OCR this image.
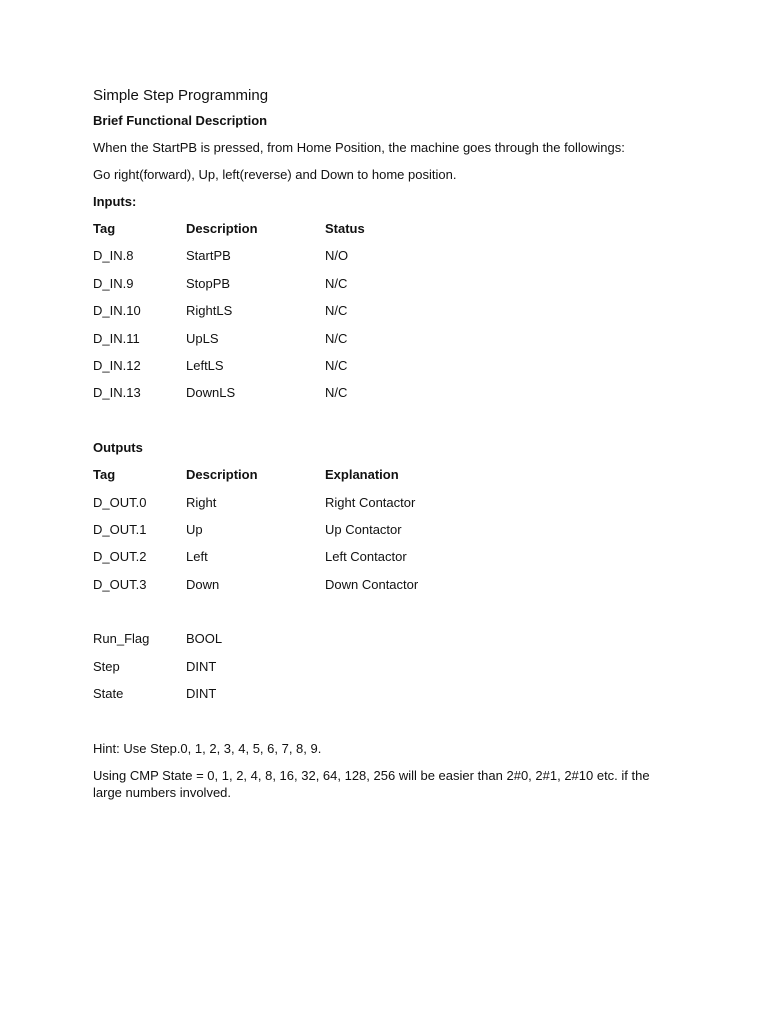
Simple Step Programming

Brief Functional Description

When the StartPB is pressed, from Home Position, the machine goes through the followings:

Go right(forward), Up, left(reverse) and Down to home position.

Inputs:

Tag	Description	Status
D_IN.8	StartPB	N/O
D_IN.9	StopPB	N/C
D_IN.10	RightLS	N/C
D_IN.11	UpLS	N/C
D_IN.12	LeftLS	N/C
D_IN.13	DownLS	N/C

Outputs

Tag	Description	Explanation
D_OUT.0	Right	Right Contactor
D_OUT.1	Up	Up Contactor
D_OUT.2	Left	Left Contactor
D_OUT.3	Down	Down Contactor
Run_Flag	BOOL
Step	DINT
State	DINT

Hint: Use Step.0, 1, 2, 3, 4, 5, 6, 7, 8, 9.

Using CMP State = 0, 1, 2, 4, 8, 16, 32, 64, 128, 256 will be easier than 2#0, 2#1, 2#10 etc. if the large numbers involved.
